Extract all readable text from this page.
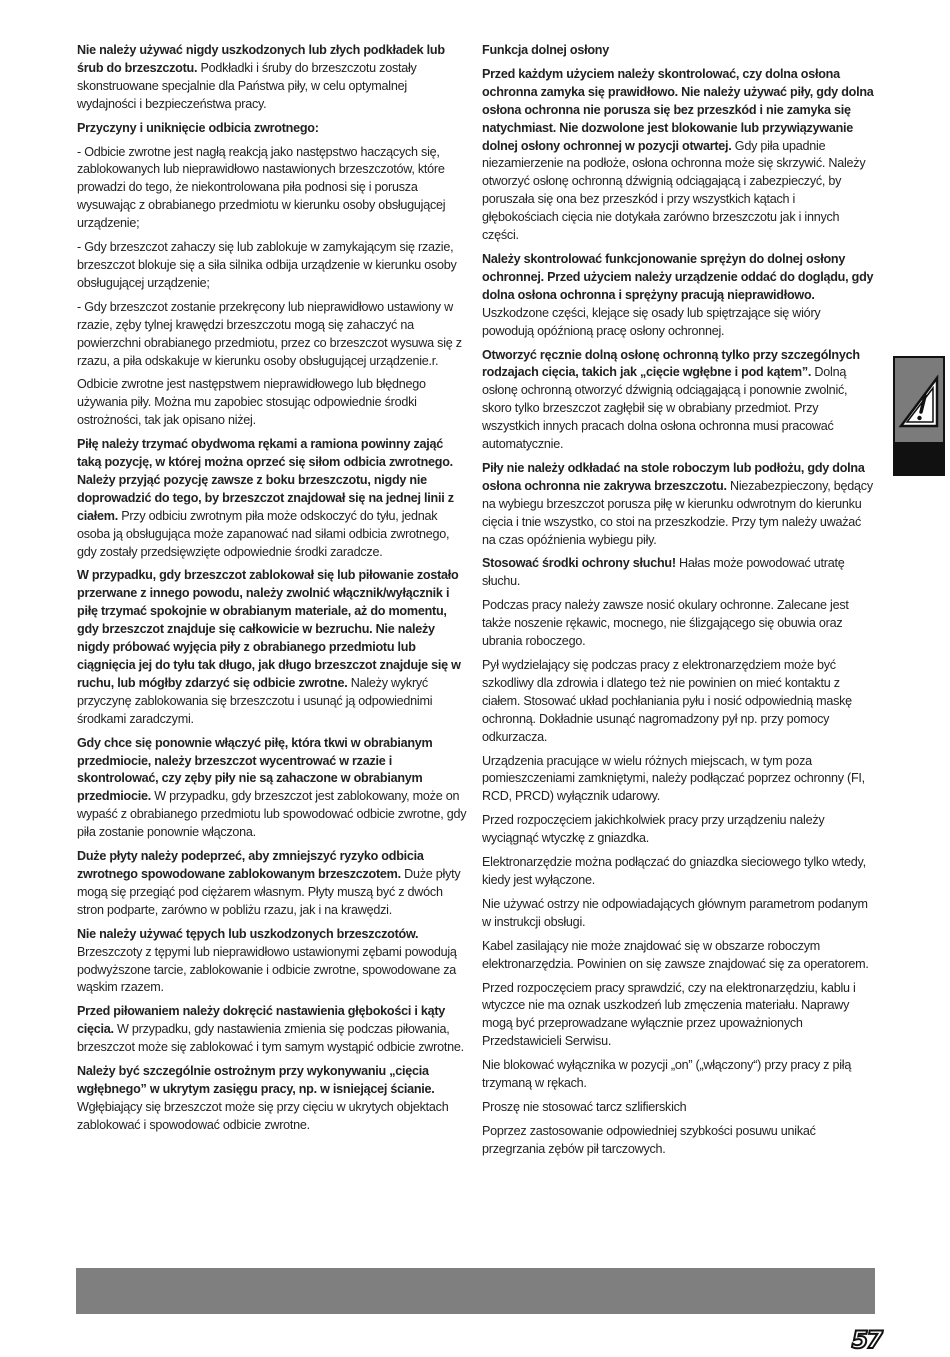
Nie należy używać nigdy uszkodzonych lub złych podkładek lub śrub do brzeszczotu. Podkładki i śruby do brzeszczotu zostały skonstruowane specjalnie dla Państwa piły, w celu optymalnej wydajności i bezpieczeństwa pracy.

Przyczyny i uniknięcie odbicia zwrotnego:

- Odbicie zwrotne jest nagłą reakcją jako następstwo haczących się, zablokowanych lub nieprawidłowo nastawionych brzeszczotów, które prowadzi do tego, że niekontrolowana piła podnosi się i porusza wysuwając z obrabianego przedmiotu w kierunku osoby obsługującej urządzenie;

- Gdy brzeszczot zahaczy się lub zablokuje w zamykającym się rzazie, brzeszczot blokuje się a siła silnika odbija urządzenie w kierunku osoby obsługującej urządzenie;

- Gdy brzeszczot zostanie przekręcony lub nieprawidłowo ustawiony w rzazie, zęby tylnej krawędzi brzeszczotu mogą się zahaczyć na powierzchni obrabianego przedmiotu, przez co brzeszczot wysuwa się z rzazu, a piła odskakuje w kierunku osoby obsługującej urządzenie.r.

Odbicie zwrotne jest następstwem nieprawidłowego lub błędnego używania piły. Można mu zapobiec stosując odpowiednie środki ostrożności, tak jak opisano niżej.

Piłę należy trzymać obydwoma rękami a ramiona powinny zająć taką pozycję, w której można oprzeć się siłom odbicia zwrotnego. Należy przyjąć pozycję zawsze z boku brzeszczotu, nigdy nie doprowadzić do tego, by brzeszczot znajdował się na jednej linii z ciałem. Przy odbiciu zwrotnym piła może odskoczyć do tyłu, jednak osoba ją obsługująca może zapanować nad siłami odbicia zwrotnego, gdy zostały przedsięwzięte odpowiednie środki zaradcze.

W przypadku, gdy brzeszczot zablokował się lub piłowanie zostało przerwane z innego powodu, należy zwolnić włącznik/wyłącznik i piłę trzymać spokojnie w obrabianym materiale, aż do momentu, gdy brzeszczot znajduje się całkowicie w bezruchu. Nie należy nigdy próbować wyjęcia piły z obrabianego przedmiotu lub ciągnięcia jej do tyłu tak długo, jak długo brzeszczot znajduje się w ruchu, lub mógłby zdarzyć się odbicie zwrotne. Należy wykryć przyczynę zablokowania się brzeszczotu i usunąć ją odpowiednimi środkami zaradczymi.

Gdy chce się ponownie włączyć piłę, która tkwi w obrabianym przedmiocie, należy brzeszczot wycentrować w rzazie i skontrolować, czy zęby piły nie są zahaczone w obrabianym przedmiocie. W przypadku, gdy brzeszczot jest zablokowany, może on wypaść z obrabianego przedmiotu lub spowodować odbicie zwrotne, gdy piła zostanie ponownie włączona.

Duże płyty należy podeprzeć, aby zmniejszyć ryzyko odbicia zwrotnego spowodowane zablokowanym brzeszczotem. Duże płyty mogą się przegiąć pod ciężarem własnym. Płyty muszą być z dwóch stron podparte, zarówno w pobliżu rzazu, jak i na krawędzi.

Nie należy używać tępych lub uszkodzonych brzeszczotów. Brzeszczoty z tępymi lub nieprawidłowo ustawionymi zębami powodują podwyższone tarcie, zablokowanie i odbicie zwrotne, spowodowane za wąskim rzazem.

Przed piłowaniem należy dokręcić nastawienia głębokości i kąty cięcia. W przypadku, gdy nastawienia zmienia się podczas piłowania, brzeszczot może się zablokować i tym samym wystąpić odbicie zwrotne.

Należy być szczególnie ostrożnym przy wykonywaniu „cięcia wgłębnego” w ukrytym zasięgu pracy, np. w isniejącej ścianie. Wgłębiający się brzeszczot może się przy cięciu w ukrytych objektach zablokować i spowodować odbicie zwrotne.

Funkcja dolnej osłony

Przed każdym użyciem należy skontrolować, czy dolna osłona ochronna zamyka się prawidłowo. Nie należy używać piły, gdy dolna osłona ochronna nie porusza się bez przeszkód i nie zamyka się natychmiast. Nie dozwolone jest blokowanie lub przywiązywanie dolnej osłony ochronnej w pozycji otwartej. Gdy piła upadnie niezamierzenie na podłoże, osłona ochronna może się skrzywić. Należy otworzyć osłonę ochronną dźwignią odciągającą i zabezpieczyć, by poruszała się ona bez przeszkód i przy wszystkich kątach i głębokościach cięcia nie dotykała zarówno brzeszczotu jak i innych części.

Należy skontrolować funkcjonowanie sprężyn do dolnej osłony ochronnej. Przed użyciem należy urządzenie oddać do doglądu, gdy dolna osłona ochronna i sprężyny pracują nieprawidłowo. Uszkodzone części, klejące się osady lub spiętrzające się wióry powodują opóźnioną pracę osłony ochronnej.

Otworzyć ręcznie dolną osłonę ochronną tylko przy szczególnych rodzajach cięcia, takich jak „cięcie wgłębne i pod kątem”. Dolną osłonę ochronną otworzyć dźwignią odciągającą i ponownie zwolnić, skoro tylko brzeszczot zagłębił się w obrabiany przedmiot. Przy wszystkich innych pracach dolna osłona ochronna musi pracować automatycznie.

Piły nie należy odkładać na stole roboczym lub podłożu, gdy dolna osłona ochronna nie zakrywa brzeszczotu. Niezabezpieczony, będący na wybiegu brzeszczot porusza piłę w kierunku odwrotnym do kierunku cięcia i tnie wszystko, co stoi na przeszkodzie. Przy tym należy uważać na czas opóźnienia wybiegu piły.

Stosować środki ochrony słuchu! Hałas może powodować utratę słuchu.

Podczas pracy należy zawsze nosić okulary ochronne. Zalecane jest także noszenie rękawic, mocnego, nie ślizgającego się obuwia oraz ubrania roboczego.

Pył wydzielający się podczas pracy z elektronarzędziem może być szkodliwy dla zdrowia i dlatego też nie powinien on mieć kontaktu z ciałem. Stosować układ pochłaniania pyłu i nosić odpowiednią maskę ochronną. Dokładnie usunąć nagromadzony pył np. przy pomocy odkurzacza.

Urządzenia pracujące w wielu różnych miejscach, w tym poza pomieszczeniami zamkniętymi, należy podłączać poprzez ochronny (FI, RCD, PRCD) wyłącznik udarowy.

Przed rozpoczęciem jakichkolwiek pracy przy urządzeniu należy wyciągnąć wtyczkę z gniazdka.

Elektronarzędzie można podłączać do gniazdka sieciowego tylko wtedy, kiedy jest wyłączone.

Nie używać ostrzy nie odpowiadających głównym parametrom podanym w instrukcji obsługi.

Kabel zasilający nie może znajdować się w obszarze roboczym elektronarzędzia. Powinien on się zawsze znajdować się za operatorem.

Przed rozpoczęciem pracy sprawdzić, czy na elektronarzędziu, kablu i wtyczce nie ma oznak uszkodzeń lub zmęczenia materiału. Naprawy mogą być przeprowadzane wyłącznie przez upoważnionych Przedstawicieli Serwisu.

Nie blokować wyłącznika w pozycji „on” („włączony“) przy pracy z piłą trzymaną w rękach.

Proszę nie stosować tarcz szlifierskich

Poprzez zastosowanie odpowiedniej szybkości posuwu unikać przegrzania zębów pił tarczowych.

57
